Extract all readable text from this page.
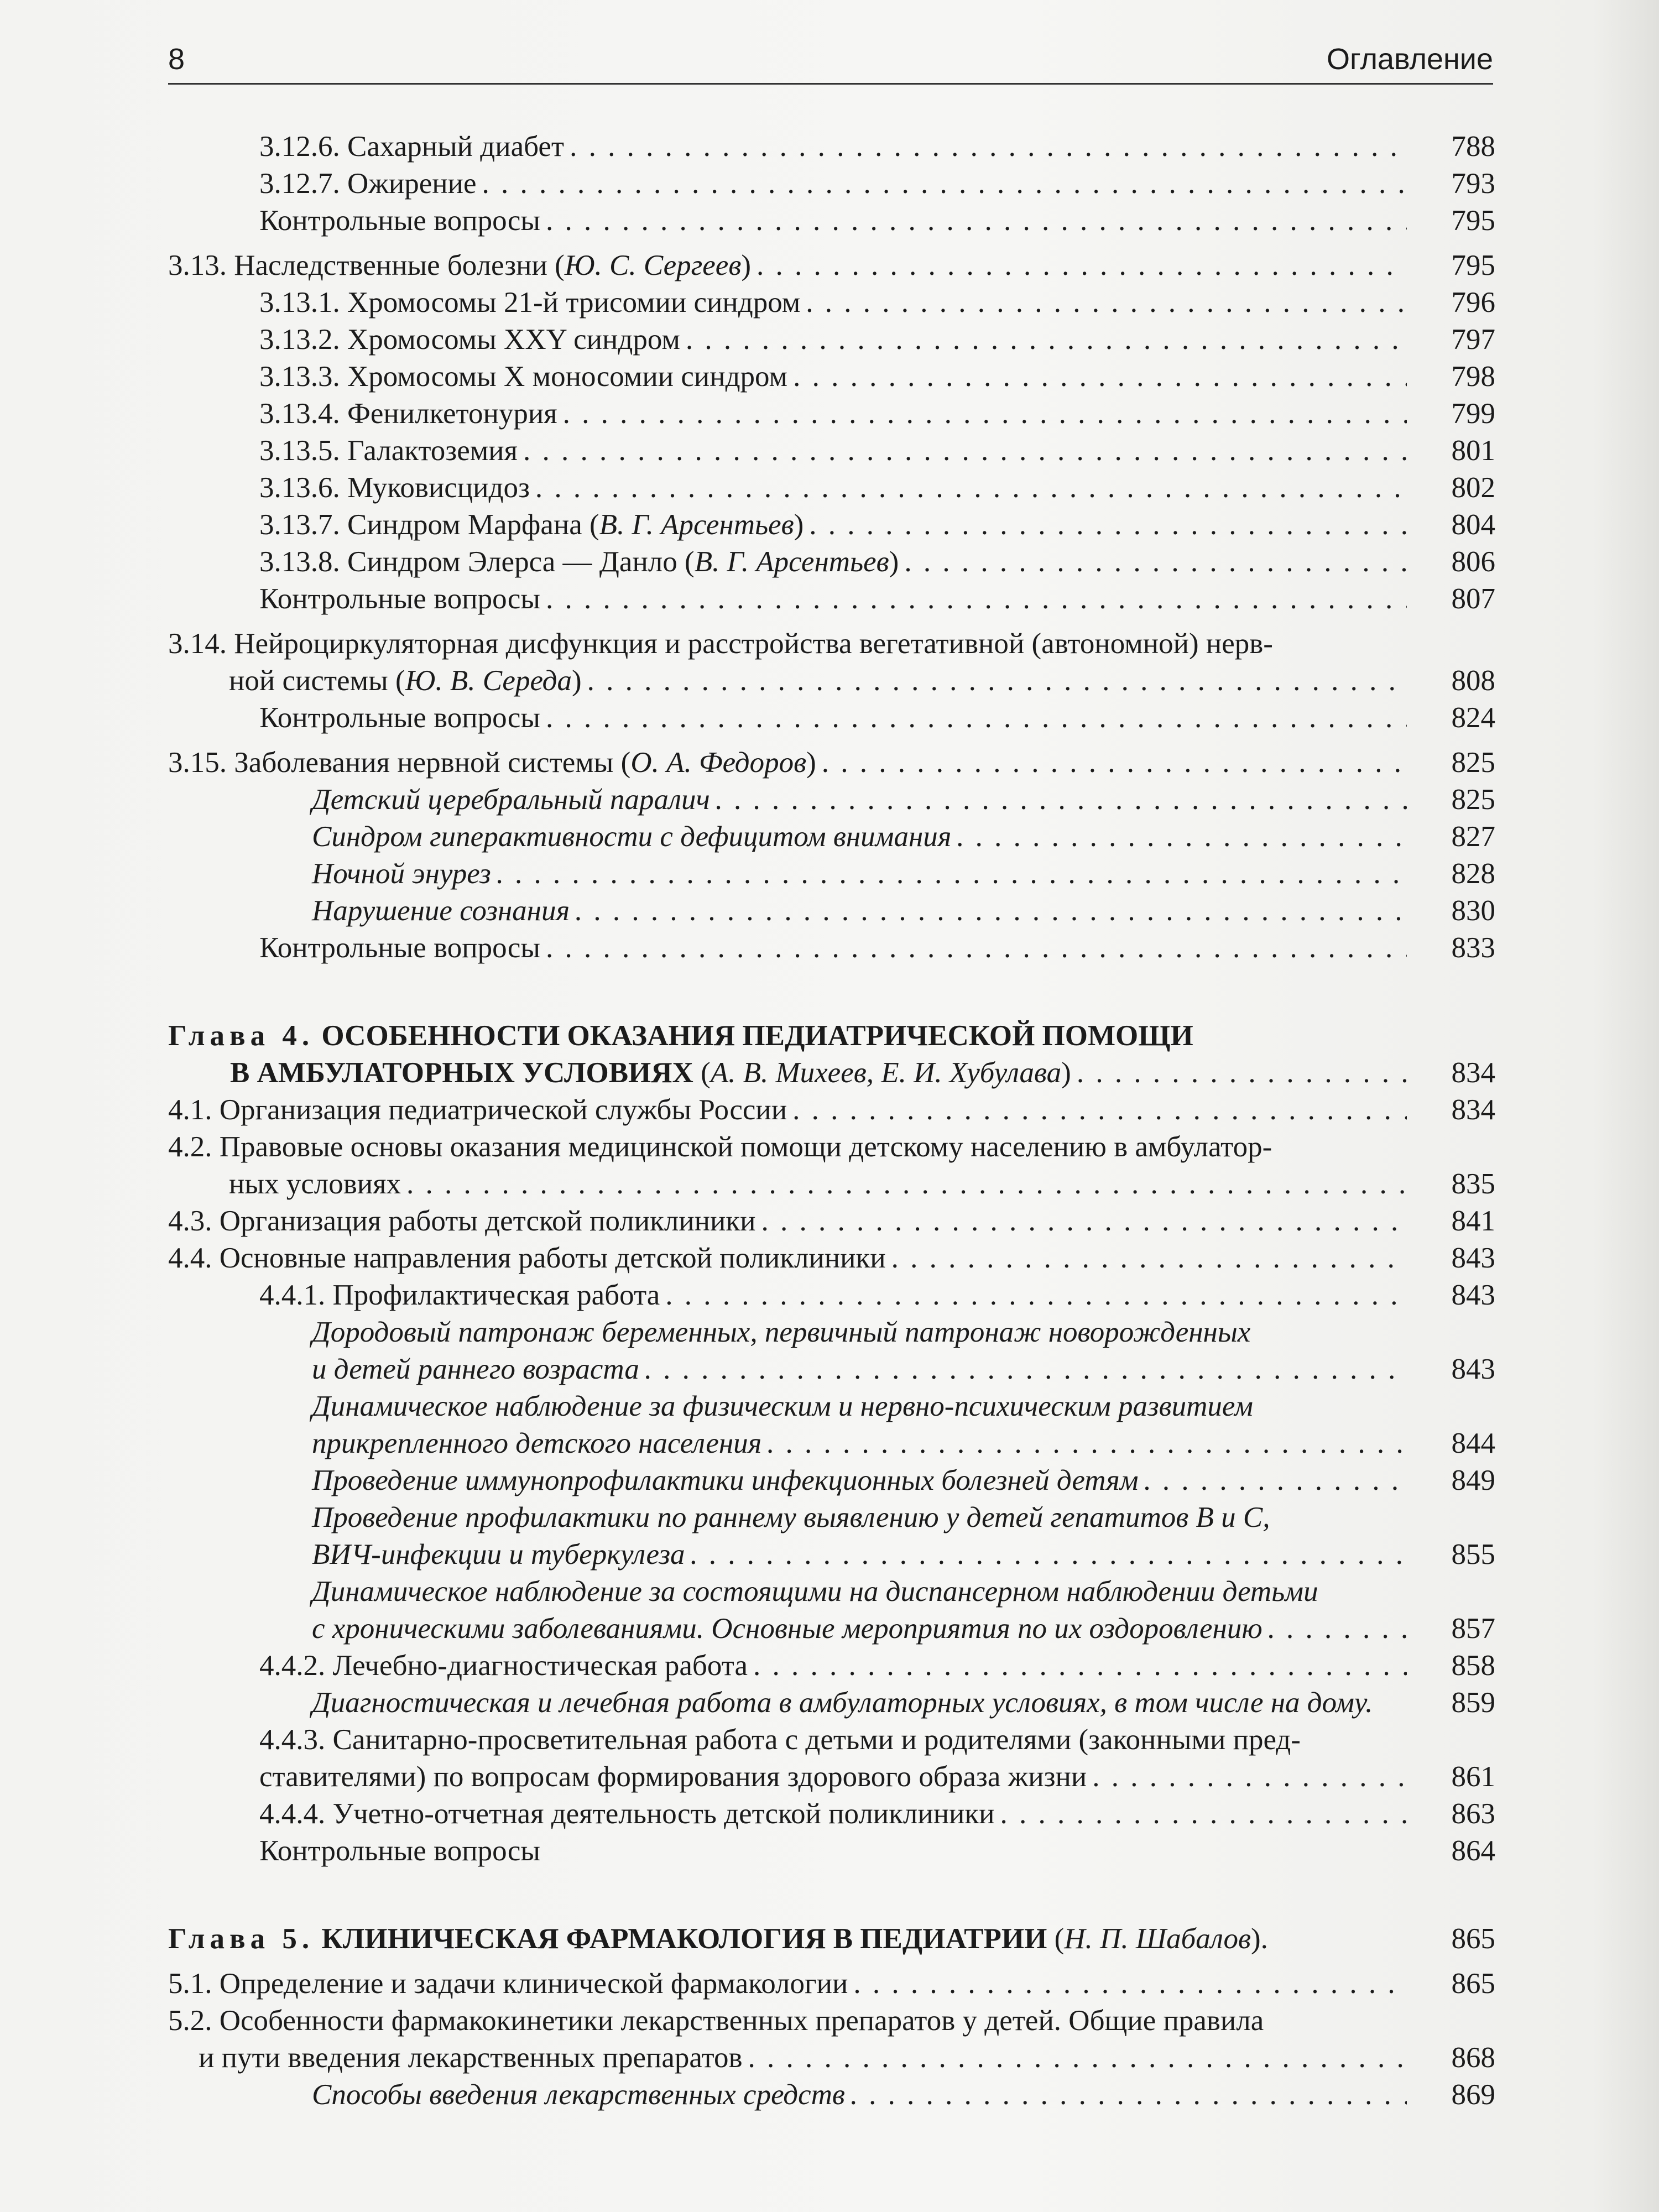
8	Оглавление
3.12.6. Сахарный диабет . . .	788
3.12.7. Ожирение . . .	793
Контрольные вопросы . . .	795
3.13. Наследственные болезни (Ю. С. Сергеев) . . .	795
3.13.1. Хромосомы 21-й трисомии синдром . . .	796
3.13.2. Хромосомы XXY синдром . . .	797
3.13.3. Хромосомы X моносомии синдром . . .	798
3.13.4. Фенилкетонурия . . .	799
3.13.5. Галактоземия . . .	801
3.13.6. Муковисцидоз . . .	802
3.13.7. Синдром Марфана (В. Г. Арсентьев) . . .	804
3.13.8. Синдром Элерса — Данло (В. Г. Арсентьев) . . .	806
Контрольные вопросы . . .	807
3.14. Нейроциркуляторная дисфункция и расстройства вегетативной (автономной) нерв-
ной системы (Ю. В. Середа) . . .	808
Контрольные вопросы . . .	824
3.15. Заболевания нервной системы (О. А. Федоров) . . .	825
Детский церебральный паралич . . .	825
Синдром гиперактивности с дефицитом внимания . . .	827
Ночной энурез . . .	828
Нарушение сознания . . .	830
Контрольные вопросы . . .	833
Глава 4. ОСОБЕННОСТИ ОКАЗАНИЯ ПЕДИАТРИЧЕСКОЙ ПОМОЩИ
В АМБУЛАТОРНЫХ УСЛОВИЯХ (А. В. Михеев, Е. И. Хубулава) . . .	834
4.1. Организация педиатрической службы России . . .	834
4.2. Правовые основы оказания медицинской помощи детскому населению в амбулатор-
ных условиях . . .	835
4.3. Организация работы детской поликлиники . . .	841
4.4. Основные направления работы детской поликлиники . . .	843
4.4.1. Профилактическая работа . . .	843
Дородовый патронаж беременных, первичный патронаж новорожденных
и детей раннего возраста . . .	843
Динамическое наблюдение за физическим и нервно-психическим развитием
прикрепленного детского населения . . .	844
Проведение иммунопрофилактики инфекционных болезней детям . . .	849
Проведение профилактики по раннему выявлению у детей гепатитов B и C,
ВИЧ-инфекции и туберкулеза . . .	855
Динамическое наблюдение за состоящими на диспансерном наблюдении детьми
с хроническими заболеваниями. Основные мероприятия по их оздоровлению . . .	857
4.4.2. Лечебно-диагностическая работа . . .	858
Диагностическая и лечебная работа в амбулаторных условиях, в том числе на дому.	859
4.4.3. Санитарно-просветительная работа с детьми и родителями (законными пред-
ставителями) по вопросам формирования здорового образа жизни . . .	861
4.4.4. Учетно-отчетная деятельность детской поликлиники . . .	863
Контрольные вопросы	864
Глава 5. КЛИНИЧЕСКАЯ ФАРМАКОЛОГИЯ В ПЕДИАТРИИ (Н. П. Шабалов).	865
5.1. Определение и задачи клинической фармакологии . . .	865
5.2. Особенности фармакокинетики лекарственных препаратов у детей. Общие правила
и пути введения лекарственных препаратов . . .	868
Способы введения лекарственных средств . . .	869
